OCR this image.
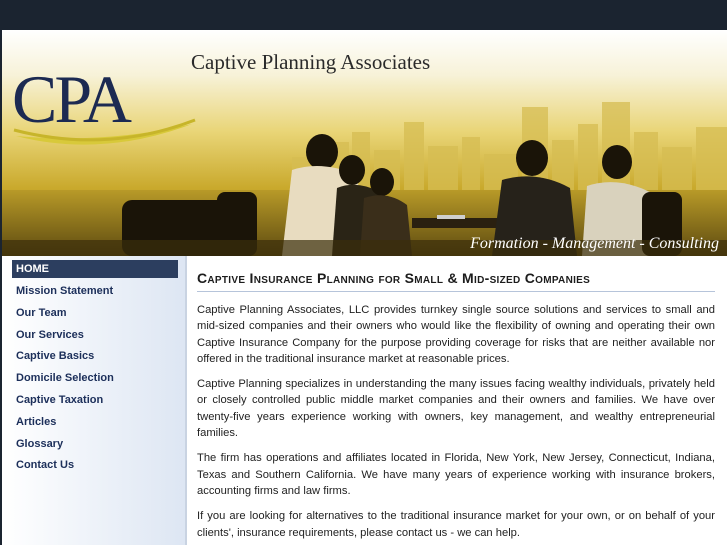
CPA	Captive Planning Associates
Formation - Management - Consulting
HOME
Mission Statement
Our Team
Our Services
Captive Basics
Domicile Selection
Captive Taxation
Articles
Glossary
Contact Us
Captive Insurance Planning for Small & Mid-sized Companies

Captive Planning Associates, LLC provides turnkey single source solutions and services to small and mid-sized companies and their owners who would like the flexibility of owning and operating their own Captive Insurance Company for the purpose providing coverage for risks that are neither available nor offered in the traditional insurance market at reasonable prices.

Captive Planning specializes in understanding the many issues facing wealthy individuals, privately held or closely controlled public middle market companies and their owners and families. We have over twenty-five years experience working with owners, key management, and wealthy entrepreneurial families.

The firm has operations and affiliates located in Florida, New York, New Jersey, Connecticut, Indiana, Texas and Southern California. We have many years of experience working with insurance brokers, accounting firms and law firms.

If you are looking for alternatives to the traditional insurance market for your own, or on behalf of your clients', insurance requirements, please contact us - we can help.
